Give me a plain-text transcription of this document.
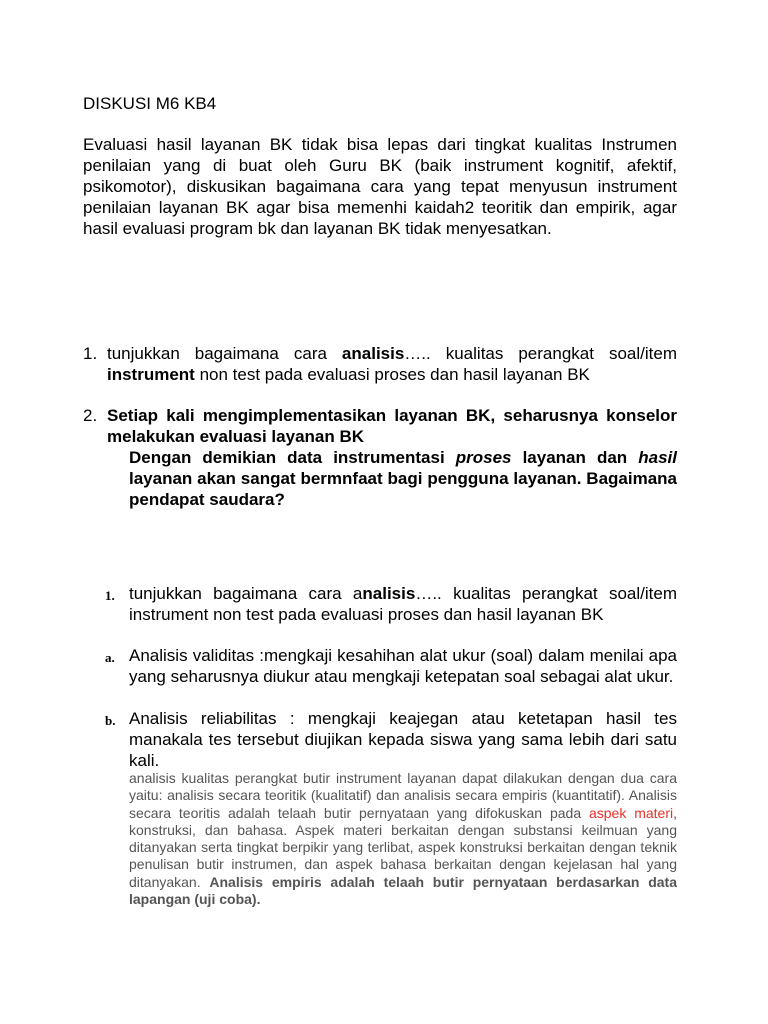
DISKUSI M6 KB4

Evaluasi hasil layanan BK tidak bisa lepas dari tingkat kualitas Instrumen penilaian yang di buat oleh Guru BK (baik instrument kognitif, afektif, psikomotor), diskusikan bagaimana cara yang tepat menyusun instrument penilaian layanan BK agar bisa memenhi kaidah2 teoritik dan empirik, agar hasil evaluasi program bk dan layanan BK tidak menyesatkan.

1. tunjukkan bagaimana cara analisis….. kualitas perangkat soal/item instrument non test pada evaluasi proses dan hasil layanan BK
2. Setiap kali mengimplementasikan layanan BK, seharusnya konselor melakukan evaluasi layanan BK
Dengan demikian data instrumentasi proses layanan dan hasil layanan akan sangat bermnfaat bagi pengguna layanan. Bagaimana pendapat saudara?
1. tunjukkan bagaimana cara analisis….. kualitas perangkat soal/item instrument non test pada evaluasi proses dan hasil layanan BK
a. Analisis validitas :mengkaji kesahihan alat ukur (soal) dalam menilai apa yang seharusnya diukur atau mengkaji ketepatan soal sebagai alat ukur.
b. Analisis reliabilitas : mengkaji keajegan atau ketetapan hasil tes manakala tes tersebut diujikan kepada siswa yang sama lebih dari satu kali.
analisis kualitas perangkat butir instrument layanan dapat dilakukan dengan dua cara yaitu: analisis secara teoritik (kualitatif) dan analisis secara empiris (kuantitatif). Analisis secara teoritis adalah telaah butir pernyataan yang difokuskan pada aspek materi, konstruksi, dan bahasa. Aspek materi berkaitan dengan substansi keilmuan yang ditanyakan serta tingkat berpikir yang terlibat, aspek konstruksi berkaitan dengan teknik penulisan butir instrumen, dan aspek bahasa berkaitan dengan kejelasan hal yang ditanyakan. Analisis empiris adalah telaah butir pernyataan berdasarkan data lapangan (uji coba).
